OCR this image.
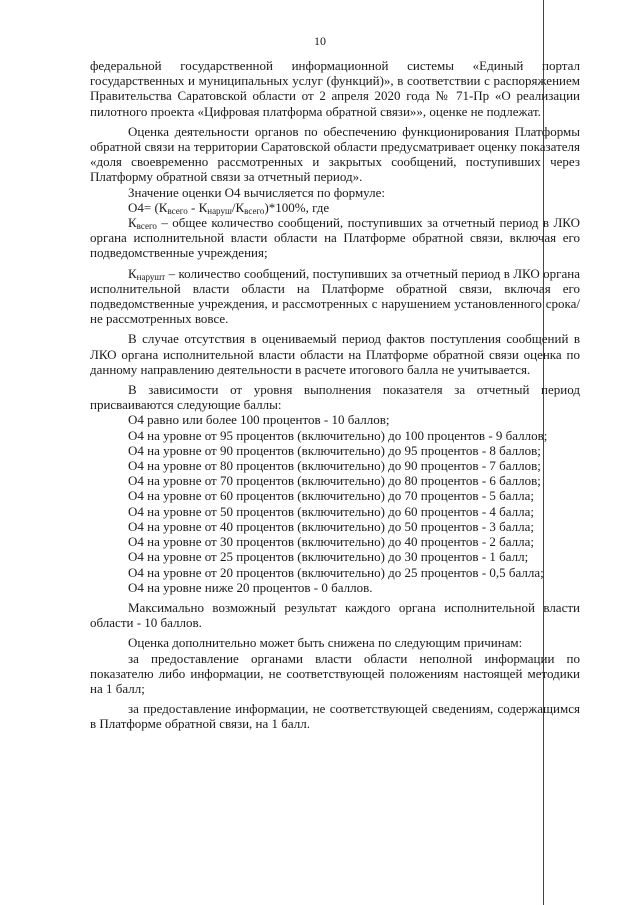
10

федеральной государственной информационной системы «Единый портал государственных и муниципальных услуг (функций)», в соответствии с распоряжением Правительства Саратовской области от 2 апреля 2020 года № 71-Пр «О реализации пилотного проекта «Цифровая платформа обратной связи»», оценке не подлежат.

Оценка деятельности органов по обеспечению функционирования Платформы обратной связи на территории Саратовской области предусматривает оценку показателя «доля своевременно рассмотренных и закрытых сообщений, поступивших через Платформу обратной связи за отчетный период».

Значение оценки О4 вычисляется по формуле:

$О4= (К_{всего} - К_{наруш​}/К_{всего})*100\%$, где

$К_{всего}$ – общее количество сообщений, поступивших за отчетный период в ЛКО органа исполнительной власти области на Платформе обратной связи, включая его подведомственные учреждения;

$К_{нарушт}$ – количество сообщений, поступивших за отчетный период в ЛКО органа исполнительной власти области на Платформе обратной связи, включая его подведомственные учреждения, и рассмотренных с нарушением установленного срока/ не рассмотренных вовсе.

В случае отсутствия в оцениваемый период фактов поступления сообщений в ЛКО органа исполнительной власти области на Платформе обратной связи оценка по данному направлению деятельности в расчете итогового балла не учитывается.

В зависимости от уровня выполнения показателя за отчетный период присваиваются следующие баллы:

О4 равно или более 100 процентов - 10 баллов;

О4 на уровне от 95 процентов (включительно) до 100 процентов - 9 баллов;

О4 на уровне от 90 процентов (включительно) до 95 процентов - 8 баллов;

О4 на уровне от 80 процентов (включительно) до 90 процентов - 7 баллов;

О4 на уровне от 70 процентов (включительно) до 80 процентов - 6 баллов;

О4 на уровне от 60 процентов (включительно) до 70 процентов - 5 балла;

О4 на уровне от 50 процентов (включительно) до 60 процентов - 4 балла;

О4 на уровне от 40 процентов (включительно) до 50 процентов - 3 балла;

О4 на уровне от 30 процентов (включительно) до 40 процентов - 2 балла;

О4 на уровне от 25 процентов (включительно) до 30 процентов - 1 балл;

О4 на уровне от 20 процентов (включительно) до 25 процентов - 0,5 балла;

О4 на уровне ниже 20 процентов - 0 баллов.

Максимально возможный результат каждого органа исполнительной власти области - 10 баллов.

Оценка дополнительно может быть снижена по следующим причинам:

за предоставление органами власти области неполной информации по показателю либо информации, не соответствующей положениям настоящей методики на 1 балл;

за предоставление информации, не соответствующей сведениям, содержащимся в Платформе обратной связи, на 1 балл.
